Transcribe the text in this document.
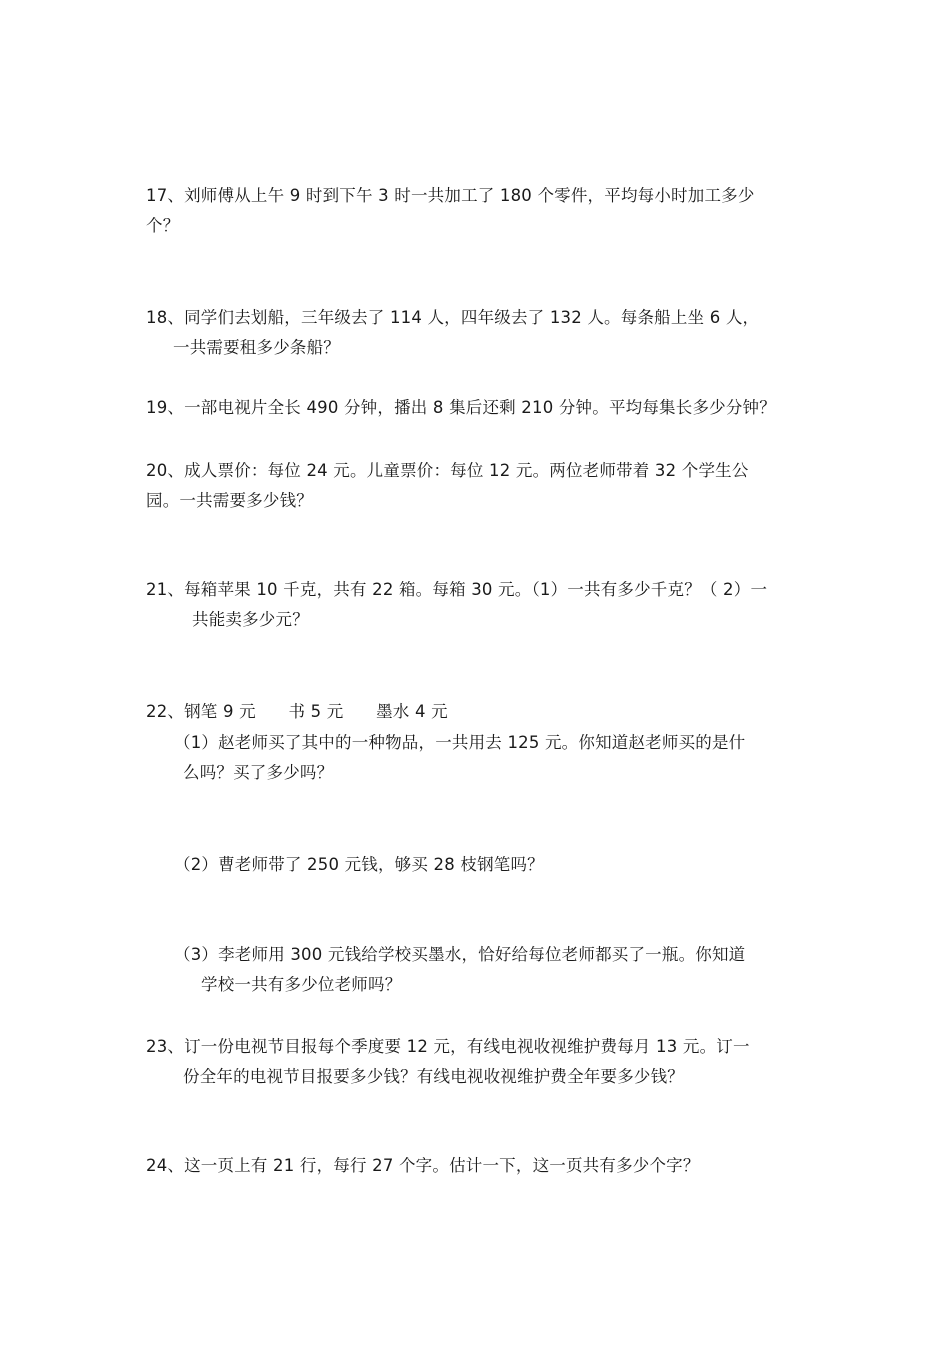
17、刘师傅从上午 9 时到下午 3 时一共加工了 180 个零件，平均每小时加工多少
个？
18、同学们去划船，三年级去了 114 人，四年级去了 132 人。每条船上坐 6 人，
一共需要租多少条船？
19、一部电视片全长 490 分钟，播出 8 集后还剩 210 分钟。平均每集长多少分钟？
20、成人票价：每位 24 元。儿童票价：每位 12 元。两位老师带着 32 个学生公
园。一共需要多少钱？
21、每箱苹果 10 千克，共有 22 箱。每箱 30 元。（1）一共有多少千克？（ 2）一
共能卖多少元？
22、钢笔 9 元      书 5 元      墨水 4 元
（1）赵老师买了其中的一种物品，一共用去 125 元。你知道赵老师买的是什
么吗？买了多少吗？
（2）曹老师带了 250 元钱，够买 28 枝钢笔吗？
（3）李老师用 300 元钱给学校买墨水，恰好给每位老师都买了一瓶。你知道
学校一共有多少位老师吗？
23、订一份电视节目报每个季度要 12 元，有线电视收视维护费每月 13 元。订一
份全年的电视节目报要多少钱？有线电视收视维护费全年要多少钱？
24、这一页上有 21 行，每行 27 个字。估计一下，这一页共有多少个字？
